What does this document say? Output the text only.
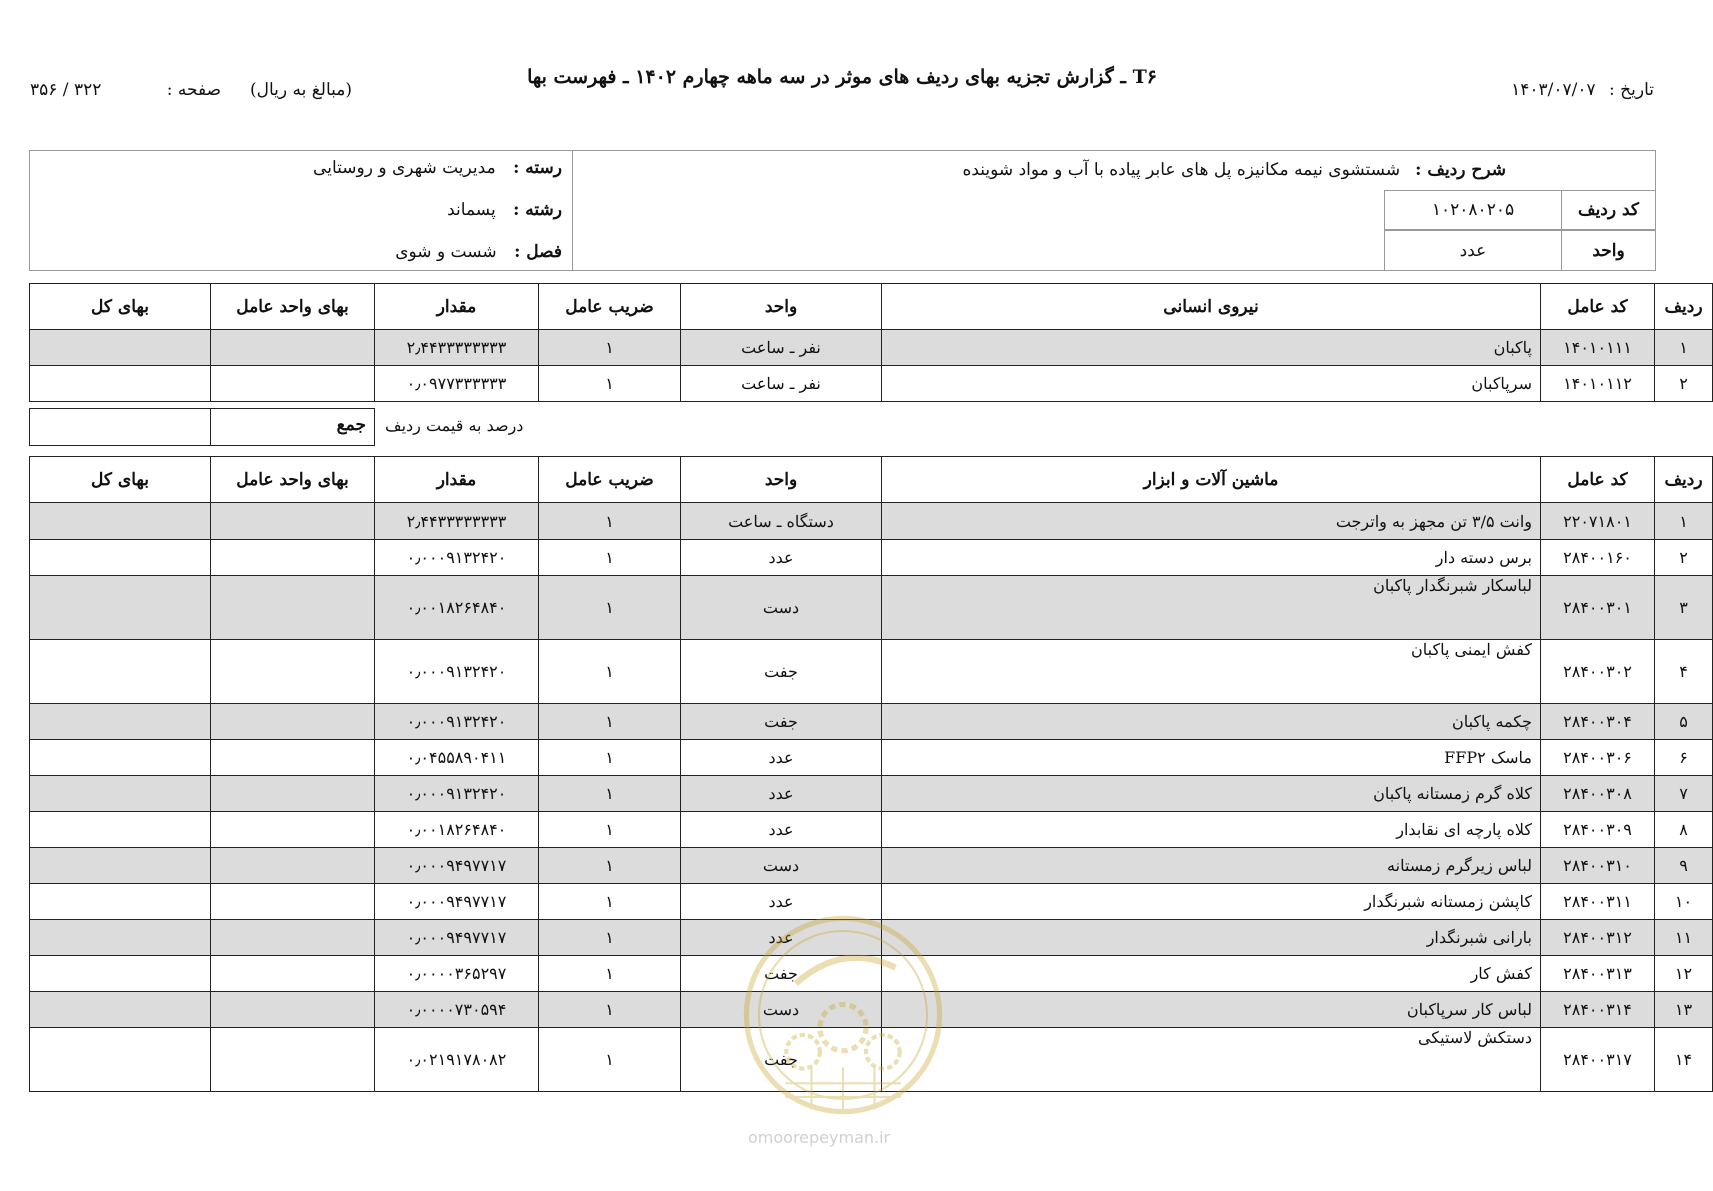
T۶ ـ گزارش تجزیه بهای ردیف های موثر در سه ماهه چهارم ۱۴۰۲ ـ فهرست بها
تاریخ : ۱۴۰۳/۰۷/۰۷
(مبالغ به ریال)
صفحه : ۳۲۲ / ۳۵۶
شرح ردیف : شستشوی نیمه مکانیزه پل های عابر پیاده با آب و مواد شوینده
کد ردیف
۱۰۲۰۸۰۲۰۵
واحد
عدد
رسته : مدیریت شهری و روستایی
رشته : پسماند
فصل : شست و شوی
ردیف	کد عامل	نیروی انسانی	واحد	ضریب عامل	مقدار	بهای واحد عامل	بهای کل
۱	۱۴۰۱۰۱۱۱	پاکبان	نفر ـ ساعت	۱	۲٫۴۴۳۳۳۳۳۳۳۳		
۲	۱۴۰۱۰۱۱۲	سرپاکبان	نفر ـ ساعت	۱	۰٫۰۹۷۷۳۳۳۳۳۳		
جمع	درصد به قیمت ردیف
ردیف	کد عامل	ماشین آلات و ابزار	واحد	ضریب عامل	مقدار	بهای واحد عامل	بهای کل
۱	۲۲۰۷۱۸۰۱	وانت ۳/۵ تن مجهز به واترجت	دستگاه ـ ساعت	۱	۲٫۴۴۳۳۳۳۳۳۳۳		
۲	۲۸۴۰۰۱۶۰	برس دسته دار	عدد	۱	۰٫۰۰۰۹۱۳۲۴۲۰		
۳	۲۸۴۰۰۳۰۱	لباسکار شبرنگدار پاکبان	دست	۱	۰٫۰۰۱۸۲۶۴۸۴۰		
۴	۲۸۴۰۰۳۰۲	کفش ایمنی پاکبان	جفت	۱	۰٫۰۰۰۹۱۳۲۴۲۰		
۵	۲۸۴۰۰۳۰۴	چکمه پاکبان	جفت	۱	۰٫۰۰۰۹۱۳۲۴۲۰		
۶	۲۸۴۰۰۳۰۶	ماسک FFP۲	عدد	۱	۰٫۰۴۵۵۸۹۰۴۱۱		
۷	۲۸۴۰۰۳۰۸	کلاه گرم زمستانه پاکبان	عدد	۱	۰٫۰۰۰۹۱۳۲۴۲۰		
۸	۲۸۴۰۰۳۰۹	کلاه پارچه ای نقابدار	عدد	۱	۰٫۰۰۱۸۲۶۴۸۴۰		
۹	۲۸۴۰۰۳۱۰	لباس زیرگرم زمستانه	دست	۱	۰٫۰۰۰۹۴۹۷۷۱۷		
۱۰	۲۸۴۰۰۳۱۱	کاپشن زمستانه شبرنگدار	عدد	۱	۰٫۰۰۰۹۴۹۷۷۱۷		
۱۱	۲۸۴۰۰۳۱۲	بارانی شبرنگدار	عدد	۱	۰٫۰۰۰۹۴۹۷۷۱۷		
۱۲	۲۸۴۰۰۳۱۳	کفش کار	جفت	۱	۰٫۰۰۰۰۳۶۵۲۹۷		
۱۳	۲۸۴۰۰۳۱۴	لباس کار سرپاکبان	دست	۱	۰٫۰۰۰۰۷۳۰۵۹۴		
۱۴	۲۸۴۰۰۳۱۷	دستکش لاستیکی	جفت	۱	۰٫۰۲۱۹۱۷۸۰۸۲		
omoorepeyman.ir
